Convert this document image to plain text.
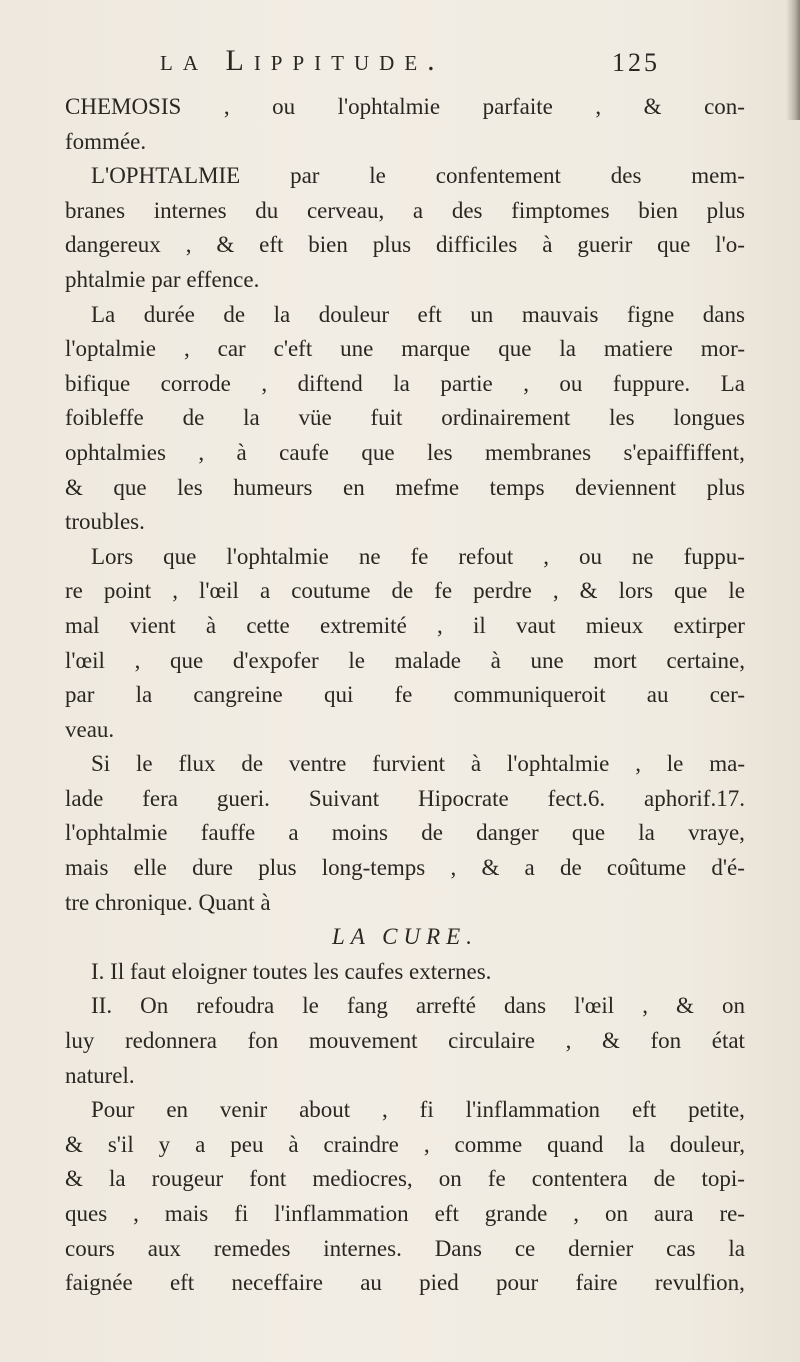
la Lippitude.	125
CHEMOSIS , ou l'ophtalmie parfaite , & con-
fommée.
L'OPHTALMIE par le confentement des mem-
branes internes du cerveau, a des fimptomes bien plus
dangereux , & eft bien plus difficiles à guerir que l'o-
phtalmie par effence.
La durée de la douleur eft un mauvais figne dans
l'optalmie , car c'eft une marque que la matiere mor-
bifique corrode , diftend la partie , ou fuppure. La
foibleffe de la vüe fuit ordinairement les longues
ophtalmies , à caufe que les membranes s'epaiffiffent,
& que les humeurs en mefme temps deviennent plus
troubles.
Lors que l'ophtalmie ne fe refout , ou ne fuppu-
re point , l'œil a coutume de fe perdre , & lors que le
mal vient à cette extremité , il vaut mieux extirper
l'œil , que d'expofer le malade à une mort certaine,
par la cangreine qui fe communiqueroit au cer-
veau.
Si le flux de ventre furvient à l'ophtalmie , le ma-
lade fera gueri. Suivant Hipocrate fect.6. aphorif.17.
l'ophtalmie fauffe a moins de danger que la vraye,
mais elle dure plus long-temps , & a de coûtume d'é-
tre chronique. Quant à
LA CURE.
I. Il faut eloigner toutes les caufes externes.
II. On refoudra le fang arrefté dans l'œil , & on
luy redonnera fon mouvement circulaire , & fon état
naturel.
Pour en venir about , fi l'inflammation eft petite,
& s'il y a peu à craindre , comme quand la douleur,
& la rougeur font mediocres, on fe contentera de topi-
ques , mais fi l'inflammation eft grande , on aura re-
cours aux remedes internes. Dans ce dernier cas la
faignée eft neceffaire au pied pour faire revulfion,
